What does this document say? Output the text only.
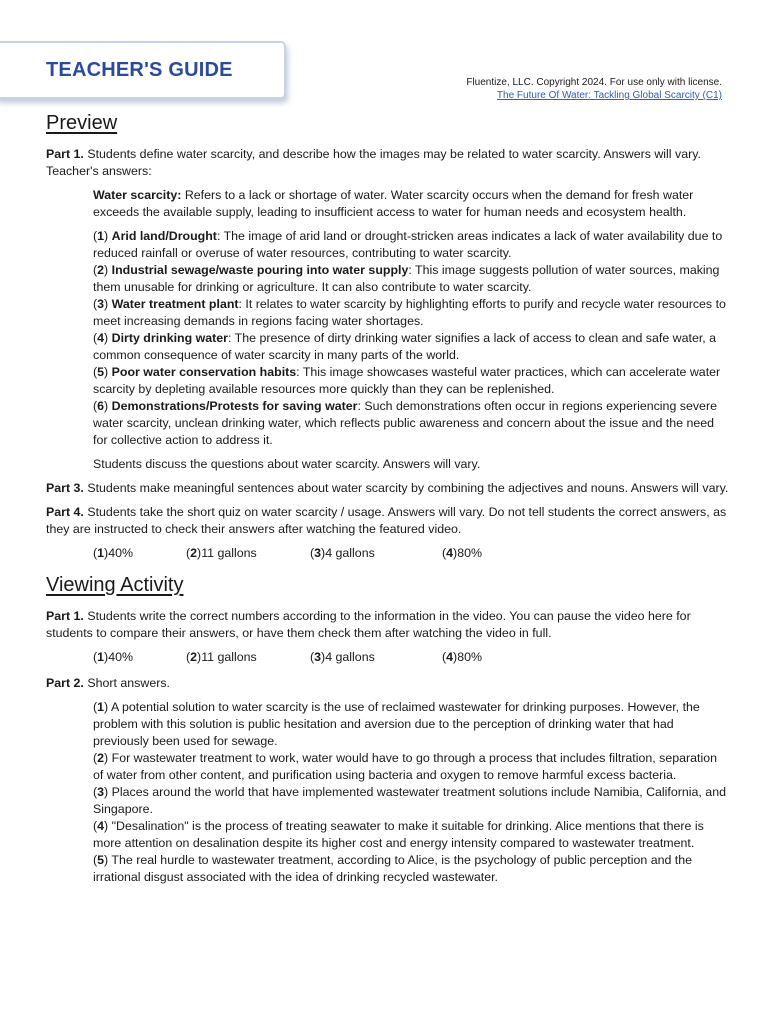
TEACHER'S GUIDE
Fluentize, LLC. Copyright 2024. For use only with license.
The Future Of Water: Tackling Global Scarcity (C1)
Preview

Part 1. Students define water scarcity, and describe how the images may be related to water scarcity. Answers will vary. Teacher's answers:

Water scarcity: Refers to a lack or shortage of water. Water scarcity occurs when the demand for fresh water exceeds the available supply, leading to insufficient access to water for human needs and ecosystem health.

(1) Arid land/Drought: The image of arid land or drought-stricken areas indicates a lack of water availability due to reduced rainfall or overuse of water resources, contributing to water scarcity.
(2) Industrial sewage/waste pouring into water supply: This image suggests pollution of water sources, making them unusable for drinking or agriculture. It can also contribute to water scarcity.
(3) Water treatment plant: It relates to water scarcity by highlighting efforts to purify and recycle water resources to meet increasing demands in regions facing water shortages.
(4) Dirty drinking water: The presence of dirty drinking water signifies a lack of access to clean and safe water, a common consequence of water scarcity in many parts of the world.
(5) Poor water conservation habits: This image showcases wasteful water practices, which can accelerate water scarcity by depleting available resources more quickly than they can be replenished.
(6) Demonstrations/Protests for saving water: Such demonstrations often occur in regions experiencing severe water scarcity, unclean drinking water, which reflects public awareness and concern about the issue and the need for collective action to address it.

Students discuss the questions about water scarcity. Answers will vary.

Part 3. Students make meaningful sentences about water scarcity by combining the adjectives and nouns. Answers will vary.

Part 4. Students take the short quiz on water scarcity / usage. Answers will vary. Do not tell students the correct answers, as they are instructed to check their answers after watching the featured video.

(1)40%	(2)11 gallons	(3)4 gallons	(4)80%
Viewing Activity

Part 1. Students write the correct numbers according to the information in the video. You can pause the video here for students to compare their answers, or have them check them after watching the video in full.

(1)40%	(2)11 gallons	(3)4 gallons	(4)80%

Part 2. Short answers.

(1) A potential solution to water scarcity is the use of reclaimed wastewater for drinking purposes. However, the problem with this solution is public hesitation and aversion due to the perception of drinking water that had previously been used for sewage.
(2) For wastewater treatment to work, water would have to go through a process that includes filtration, separation of water from other content, and purification using bacteria and oxygen to remove harmful excess bacteria.
(3) Places around the world that have implemented wastewater treatment solutions include Namibia, California, and Singapore.
(4) "Desalination" is the process of treating seawater to make it suitable for drinking. Alice mentions that there is more attention on desalination despite its higher cost and energy intensity compared to wastewater treatment.
(5) The real hurdle to wastewater treatment, according to Alice, is the psychology of public perception and the irrational disgust associated with the idea of drinking recycled wastewater.
